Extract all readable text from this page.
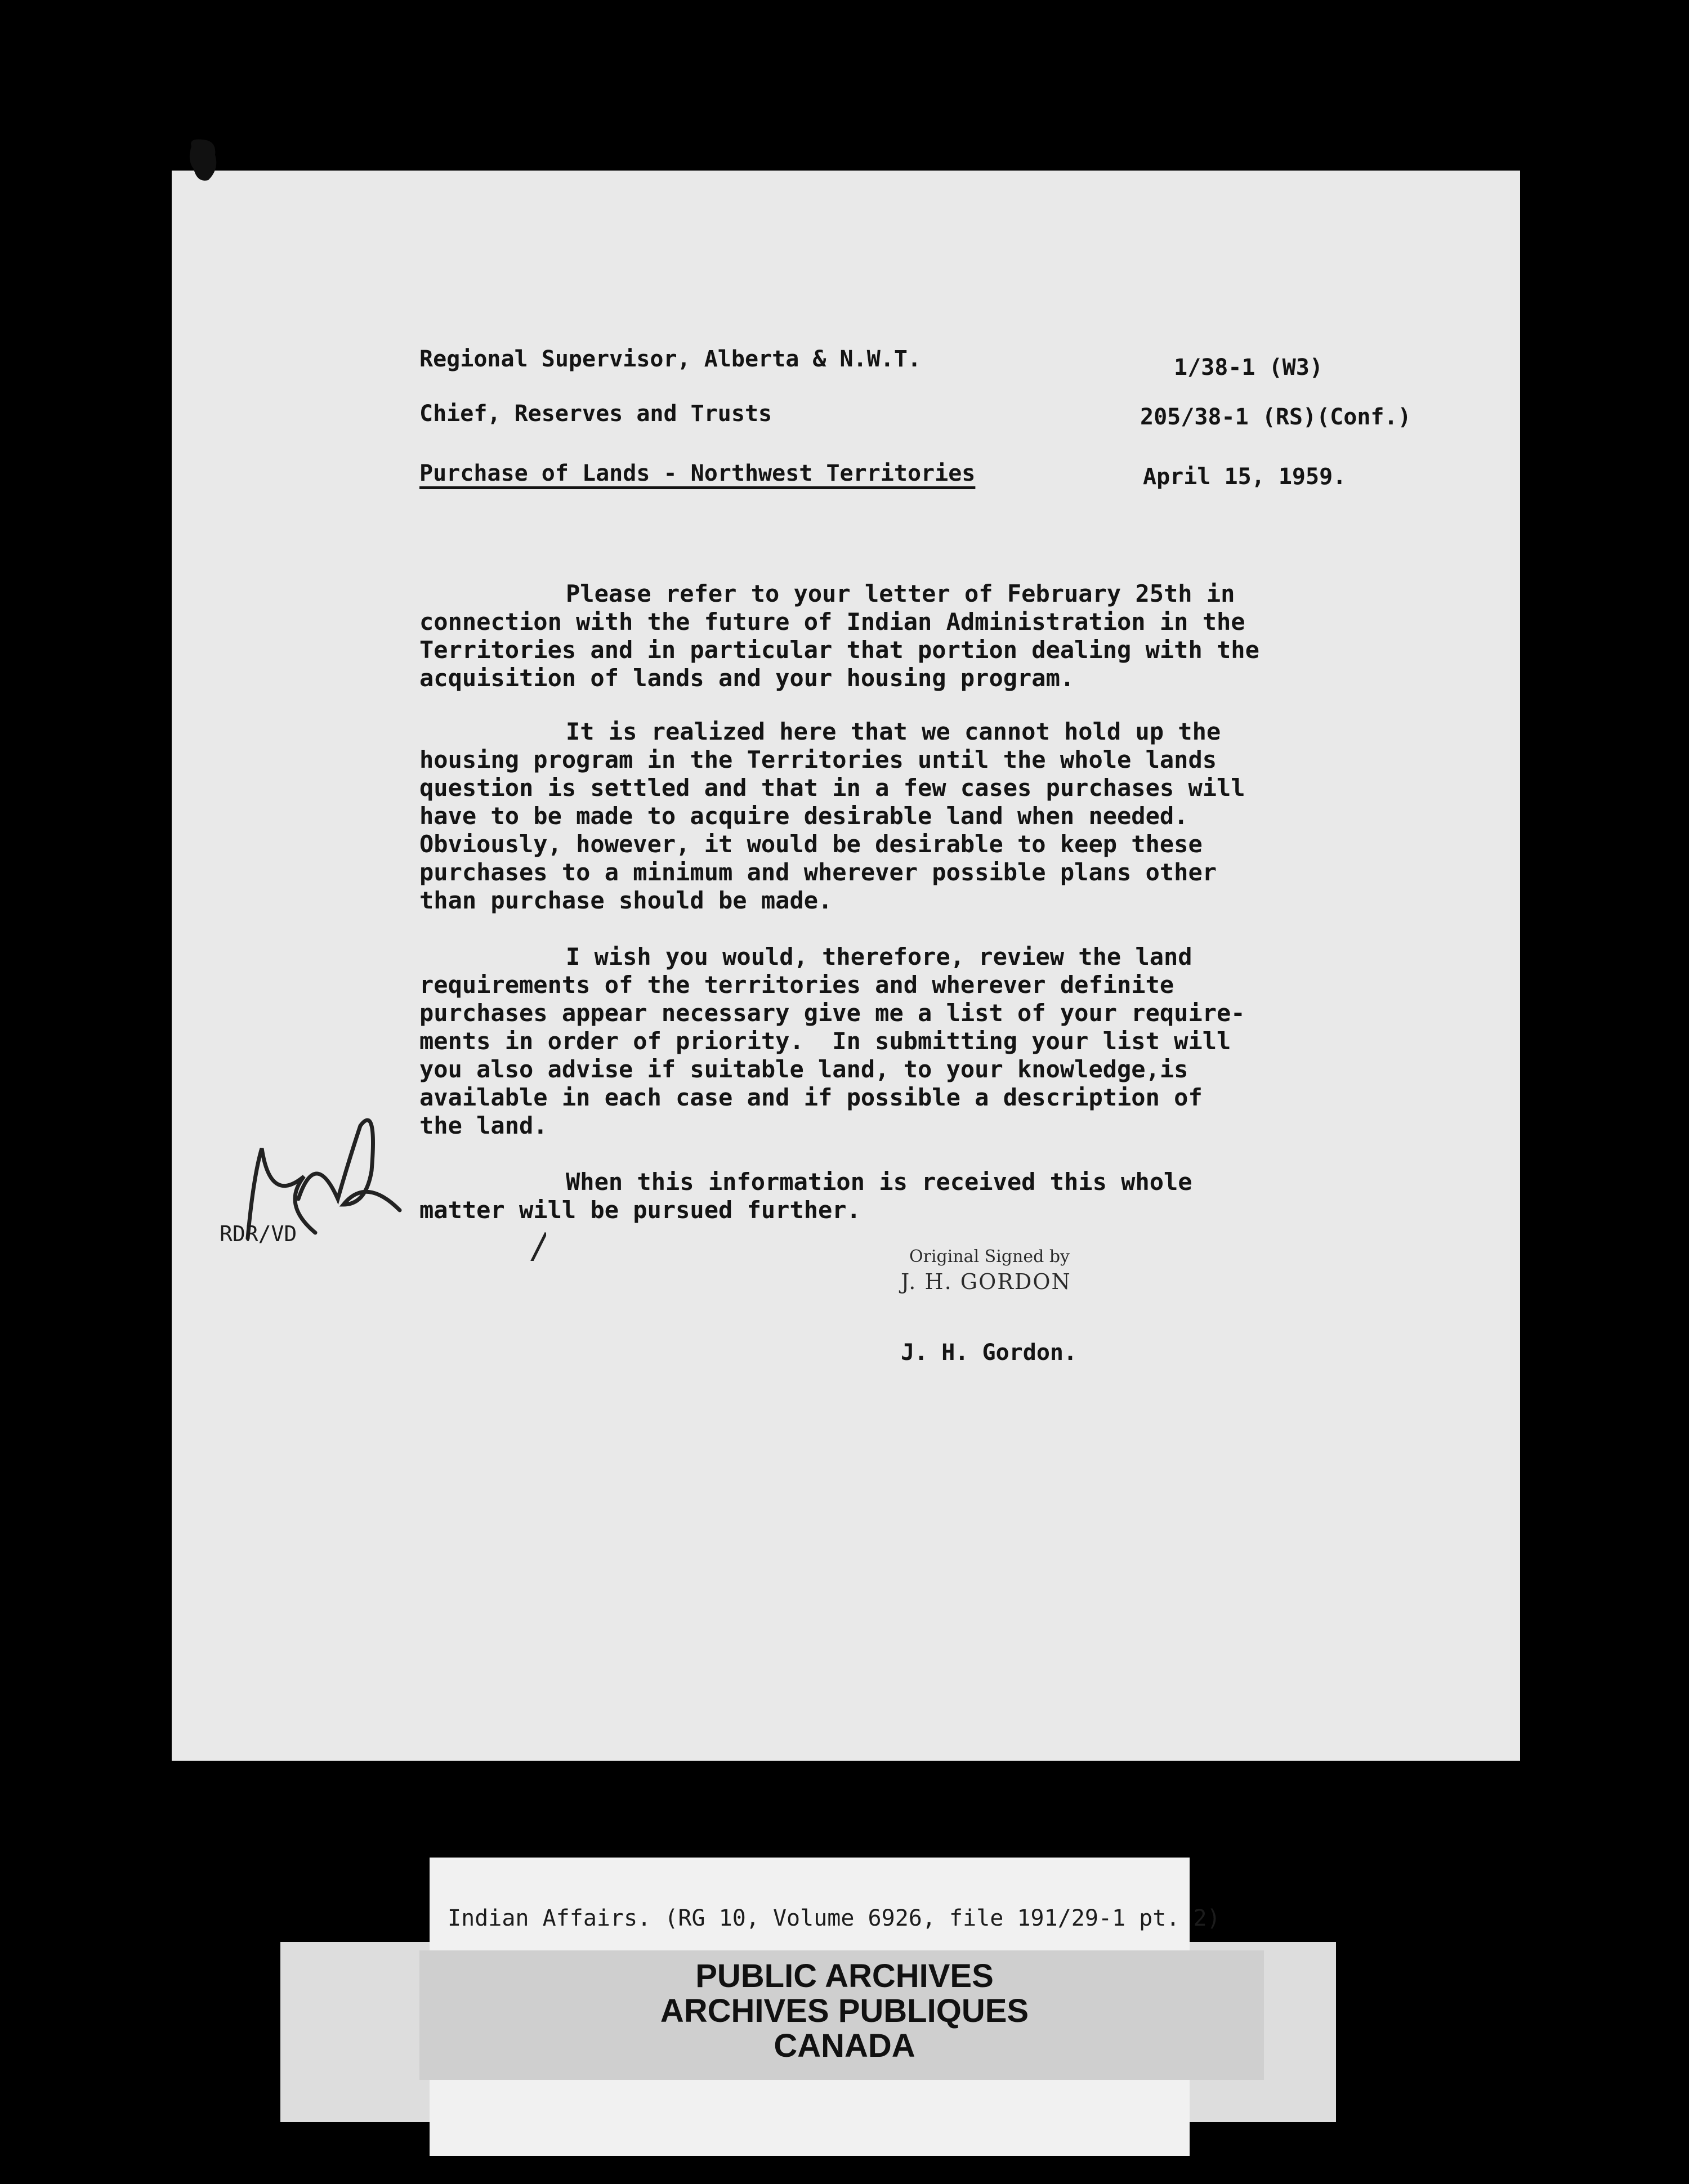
Regional Supervisor, Alberta & N.W.T.
Chief, Reserves and Trusts
Purchase of Lands - Northwest Territories
1/38-1 (W3)
205/38-1 (RS)(Conf.)
April 15, 1959.
Please refer to your letter of February 25th in
connection with the future of Indian Administration in the
Territories and in particular that portion dealing with the
acquisition of lands and your housing program.
It is realized here that we cannot hold up the
housing program in the Territories until the whole lands
question is settled and that in a few cases purchases will
have to be made to acquire desirable land when needed.
Obviously, however, it would be desirable to keep these
purchases to a minimum and wherever possible plans other
than purchase should be made.
I wish you would, therefore, review the land
requirements of the territories and wherever definite
purchases appear necessary give me a list of your require-
ments in order of priority.  In submitting your list will
you also advise if suitable land, to your knowledge,is
available in each case and if possible a description of
the land.
When this information is received this whole
matter will be pursued further.
Original Signed by
J. H. GORDON
J. H. Gordon.
RDR/VD
Indian Affairs. (RG 10, Volume 6926, file 191/29-1 pt. 2)
PUBLIC ARCHIVES
ARCHIVES PUBLIQUES
CANADA
